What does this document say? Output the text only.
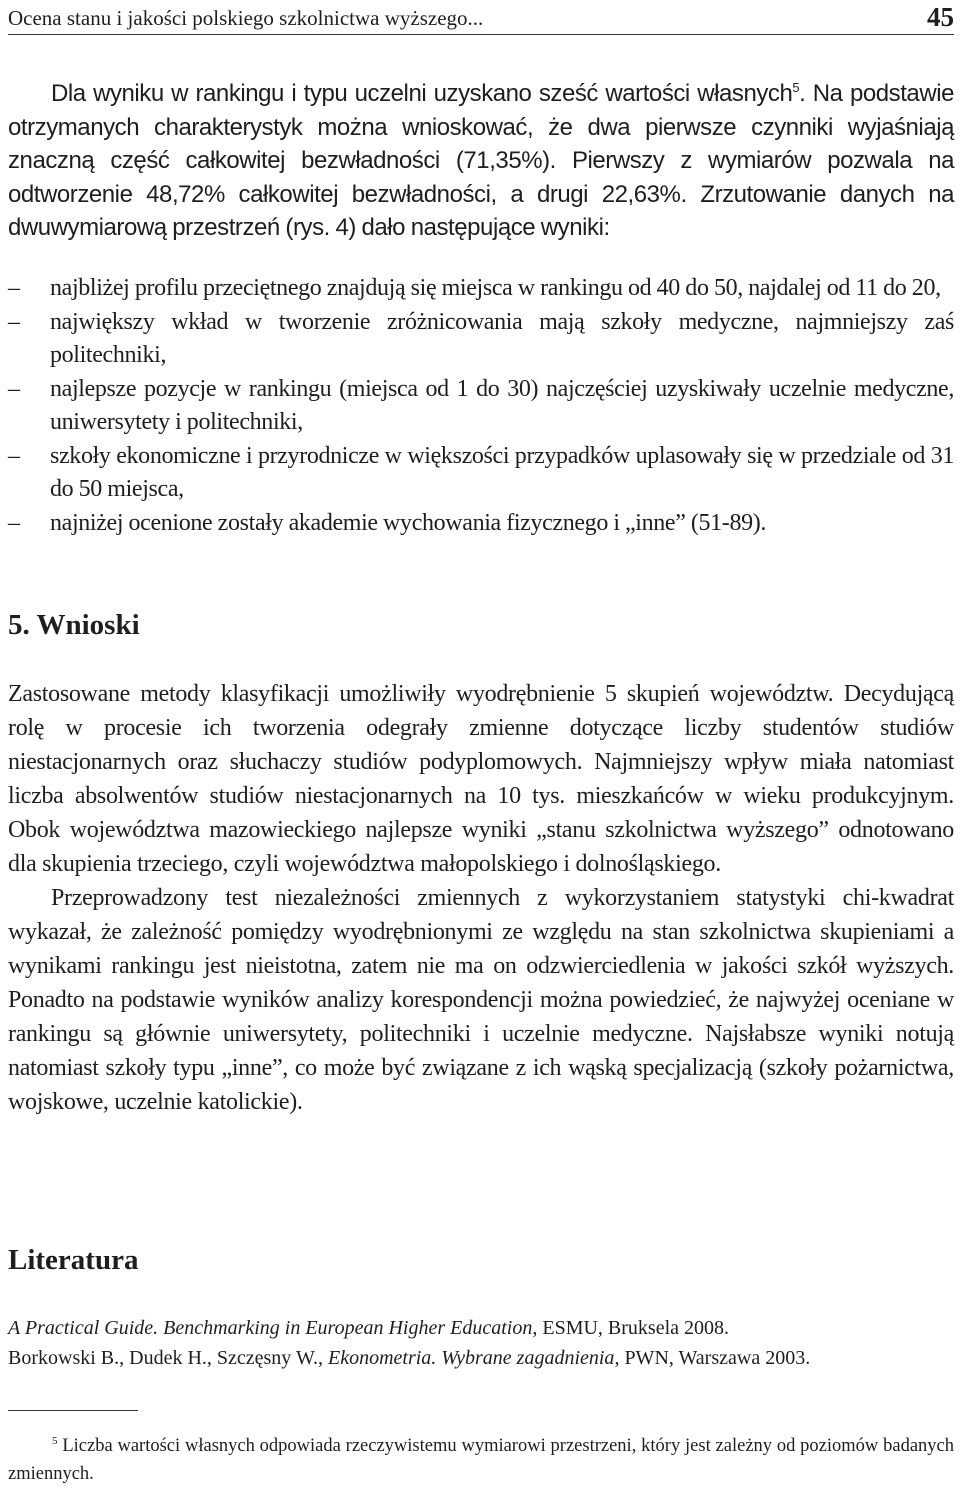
Ocena stanu i jakości polskiego szkolnictwa wyższego...	45

Dla wyniku w rankingu i typu uczelni uzyskano sześć wartości własnych$^5$. Na podstawie otrzymanych charakterystyk można wnioskować, że dwa pierwsze czynniki wyjaśniają znaczną część całkowitej bezwładności (71,35%). Pierwszy z wymiarów pozwala na odtworzenie 48,72% całkowitej bezwładności, a drugi 22,63%. Zrzutowanie danych na dwuwymiarową przestrzeń (rys. 4) dało następujące wyniki:

–	najbliżej profilu przeciętnego znajdują się miejsca w rankingu od 40 do 50, najdalej od 11 do 20,
–	największy wkład w tworzenie zróżnicowania mają szkoły medyczne, najmniejszy zaś politechniki,
–	najlepsze pozycje w rankingu (miejsca od 1 do 30) najczęściej uzyskiwały uczelnie medyczne, uniwersytety i politechniki,
–	szkoły ekonomiczne i przyrodnicze w większości przypadków uplasowały się w przedziale od 31 do 50 miejsca,
–	najniżej ocenione zostały akademie wychowania fizycznego i „inne” (51-89).
5. Wnioski

Zastosowane metody klasyfikacji umożliwiły wyodrębnienie 5 skupień województw. Decydującą rolę w procesie ich tworzenia odegrały zmienne dotyczące liczby studentów studiów niestacjonarnych oraz słuchaczy studiów podyplomowych. Najmniejszy wpływ miała natomiast liczba absolwentów studiów niestacjonarnych na 10 tys. mieszkańców w wieku produkcyjnym. Obok województwa mazowieckiego najlepsze wyniki „stanu szkolnictwa wyższego” odnotowano dla skupienia trzeciego, czyli województwa małopolskiego i dolnośląskiego.

Przeprowadzony test niezależności zmiennych z wykorzystaniem statystyki chi-kwadrat wykazał, że zależność pomiędzy wyodrębnionymi ze względu na stan szkolnictwa skupieniami a wynikami rankingu jest nieistotna, zatem nie ma on odzwierciedlenia w jakości szkół wyższych. Ponadto na podstawie wyników analizy korespondencji można powiedzieć, że najwyżej oceniane w rankingu są głównie uniwersytety, politechniki i uczelnie medyczne. Najsłabsze wyniki notują natomiast szkoły typu „inne”, co może być związane z ich wąską specjalizacją (szkoły pożarnictwa, wojskowe, uczelnie katolickie).

Literatura

A Practical Guide. Benchmarking in European Higher Education, ESMU, Bruksela 2008.

Borkowski B., Dudek H., Szczęsny W., Ekonometria. Wybrane zagadnienia, PWN, Warszawa 2003.

$^5$ Liczba wartości własnych odpowiada rzeczywistemu wymiarowi przestrzeni, który jest zależny od poziomów badanych zmiennych.
